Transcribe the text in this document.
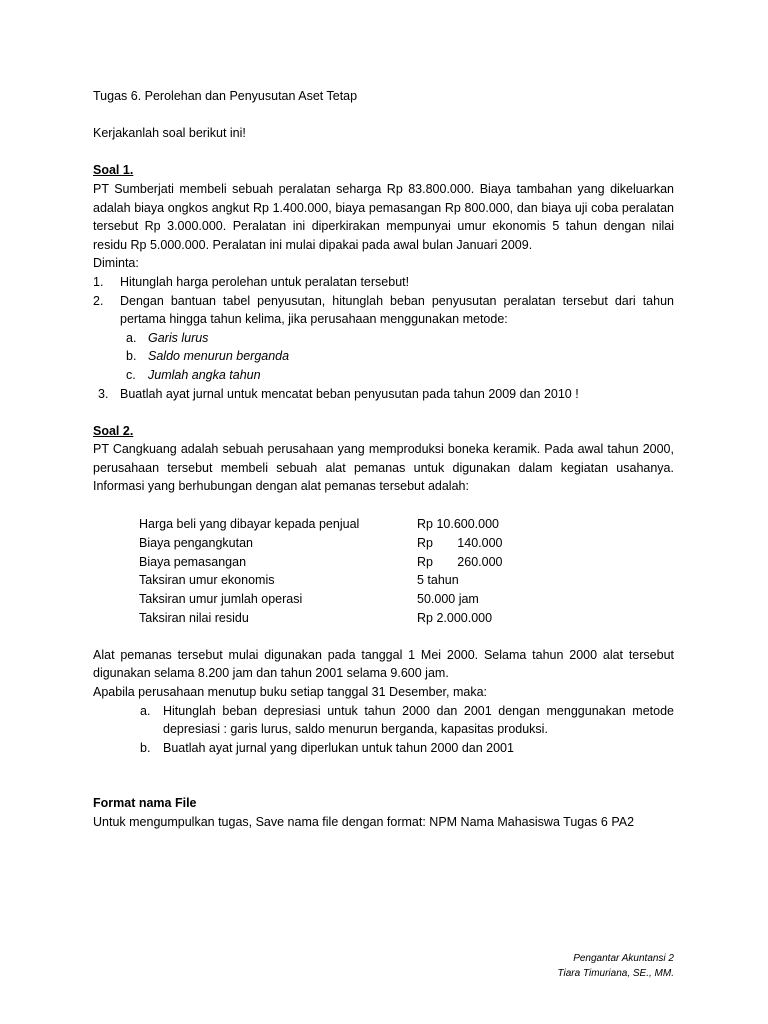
Tugas 6. Perolehan dan Penyusutan Aset Tetap
Kerjakanlah soal berikut ini!
Soal 1.
PT Sumberjati membeli sebuah peralatan seharga Rp 83.800.000. Biaya tambahan yang dikeluarkan
adalah biaya ongkos angkut Rp 1.400.000, biaya pemasangan Rp 800.000, dan biaya uji coba peralatan
tersebut Rp 3.000.000. Peralatan ini diperkirakan mempunyai umur ekonomis 5 tahun dengan nilai
residu Rp 5.000.000. Peralatan ini mulai dipakai pada awal bulan Januari 2009.
Diminta:
1. Hitunglah harga perolehan untuk peralatan tersebut!
2. Dengan bantuan tabel penyusutan, hitunglah beban penyusutan peralatan tersebut dari tahun
pertama hingga tahun kelima, jika perusahaan menggunakan metode:
a. Garis lurus
b. Saldo menurun berganda
c. Jumlah angka tahun
3. Buatlah ayat jurnal untuk mencatat beban penyusutan pada tahun 2009 dan 2010 !
Soal 2.
PT Cangkuang adalah sebuah perusahaan yang memproduksi boneka keramik. Pada awal tahun 2000,
perusahaan tersebut membeli sebuah alat pemanas untuk digunakan dalam kegiatan usahanya.
Informasi yang berhubungan dengan alat pemanas tersebut adalah:
Harga beli yang dibayar kepada penjual	Rp 10.600.000
Biaya pengangkutan	Rp       140.000
Biaya pemasangan	Rp       260.000
Taksiran umur ekonomis	5 tahun
Taksiran umur jumlah operasi	50.000 jam
Taksiran nilai residu	Rp 2.000.000
Alat pemanas tersebut mulai digunakan pada tanggal 1 Mei 2000. Selama tahun 2000 alat tersebut
digunakan selama 8.200 jam dan tahun 2001 selama 9.600 jam.
Apabila perusahaan menutup buku setiap tanggal 31 Desember, maka:
a. Hitunglah beban depresiasi untuk tahun 2000 dan 2001 dengan menggunakan metode
depresiasi : garis lurus, saldo menurun berganda, kapasitas produksi.
b. Buatlah ayat jurnal yang diperlukan untuk tahun 2000 dan 2001
Format nama File
Untuk mengumpulkan tugas, Save nama file dengan format: NPM Nama Mahasiswa Tugas 6 PA2
Pengantar Akuntansi 2
Tiara Timuriana, SE., MM.
